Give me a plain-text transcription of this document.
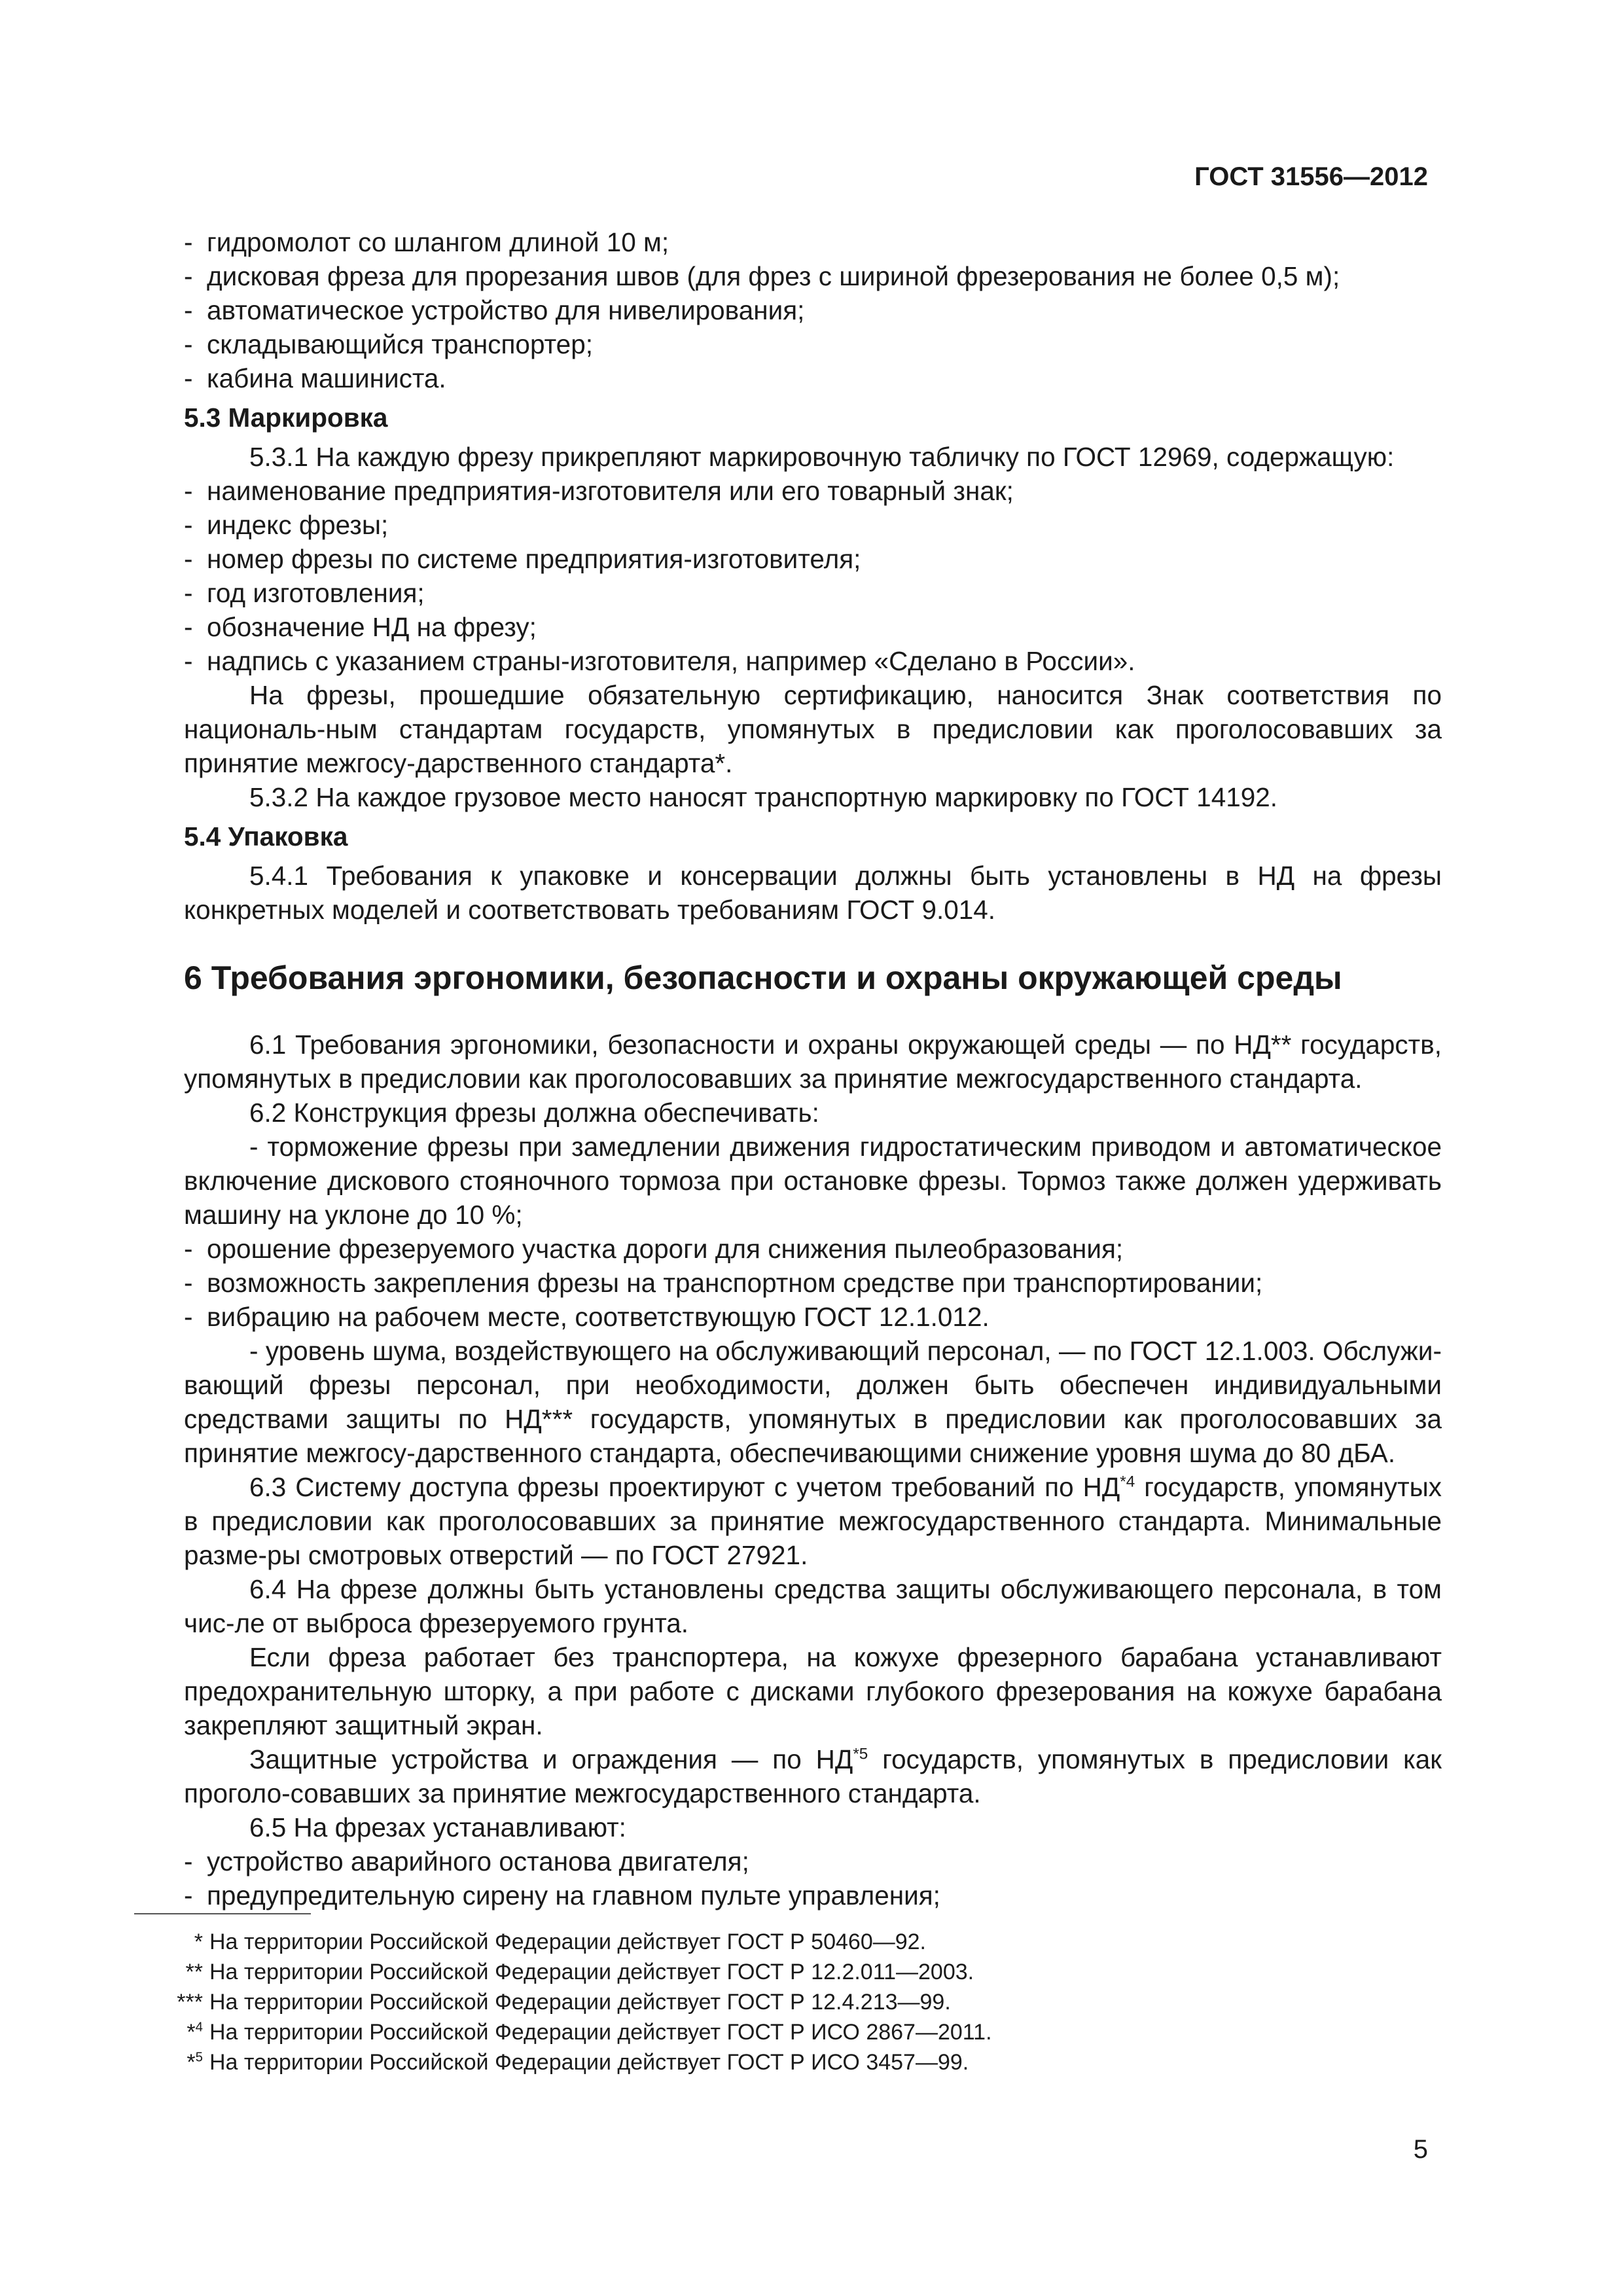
ГОСТ 31556—2012
- гидромолот со шлангом длиной 10 м;
- дисковая фреза для прорезания швов (для фрез с шириной фрезерования не более 0,5 м);
- автоматическое устройство для нивелирования;
- складывающийся транспортер;
- кабина машиниста.
5.3 Маркировка
5.3.1 На каждую фрезу прикрепляют маркировочную табличку по ГОСТ 12969, содержащую:
- наименование предприятия-изготовителя или его товарный знак;
- индекс фрезы;
- номер фрезы по системе предприятия-изготовителя;
- год изготовления;
- обозначение НД на фрезу;
- надпись с указанием страны-изготовителя, например «Сделано в России».
На фрезы, прошедшие обязательную сертификацию, наносится Знак соответствия по националь-ным стандартам государств, упомянутых в предисловии как проголосовавших за принятие межгосу-дарственного стандарта*.
5.3.2 На каждое грузовое место наносят транспортную маркировку по ГОСТ 14192.
5.4 Упаковка
5.4.1 Требования к упаковке и консервации должны быть установлены в НД на фрезы конкретных моделей и соответствовать требованиям ГОСТ 9.014.
6 Требования эргономики, безопасности и охраны окружающей среды
6.1 Требования эргономики, безопасности и охраны окружающей среды — по НД** государств, упомянутых в предисловии как проголосовавших за принятие межгосударственного стандарта.
6.2 Конструкция фрезы должна обеспечивать:
- торможение фрезы при замедлении движения гидростатическим приводом и автоматическое включение дискового стояночного тормоза при остановке фрезы. Тормоз также должен удерживать машину на уклоне до 10 %;
- орошение фрезеруемого участка дороги для снижения пылеобразования;
- возможность закрепления фрезы на транспортном средстве при транспортировании;
- вибрацию на рабочем месте, соответствующую ГОСТ 12.1.012.
- уровень шума, воздействующего на обслуживающий персонал, — по ГОСТ 12.1.003. Обслужи-вающий фрезы персонал, при необходимости, должен быть обеспечен индивидуальными средствами защиты по НД*** государств, упомянутых в предисловии как проголосовавших за принятие межгосу-дарственного стандарта, обеспечивающими снижение уровня шума до 80 дБА.
6.3 Систему доступа фрезы проектируют с учетом требований по НД$^{*4}$ государств, упомянутых в предисловии как проголосовавших за принятие межгосударственного стандарта. Минимальные разме-ры смотровых отверстий — по ГОСТ 27921.
6.4 На фрезе должны быть установлены средства защиты обслуживающего персонала, в том чис-ле от выброса фрезеруемого грунта.
Если фреза работает без транспортера, на кожухе фрезерного барабана устанавливают предохранительную шторку, а при работе с дисками глубокого фрезерования на кожухе барабана закрепляют защитный экран.
Защитные устройства и ограждения — по НД$^{*5}$ государств, упомянутых в предисловии как проголо-совавших за принятие межгосударственного стандарта.
6.5 На фрезах устанавливают:
- устройство аварийного останова двигателя;
- предупредительную сирену на главном пульте управления;
* На территории Российской Федерации действует ГОСТ Р 50460—92.
** На территории Российской Федерации действует ГОСТ Р 12.2.011—2003.
*** На территории Российской Федерации действует ГОСТ Р 12.4.213—99.
*$^4$ На территории Российской Федерации действует ГОСТ Р ИСО 2867—2011.
*$^5$ На территории Российской Федерации действует ГОСТ Р ИСО 3457—99.
5
